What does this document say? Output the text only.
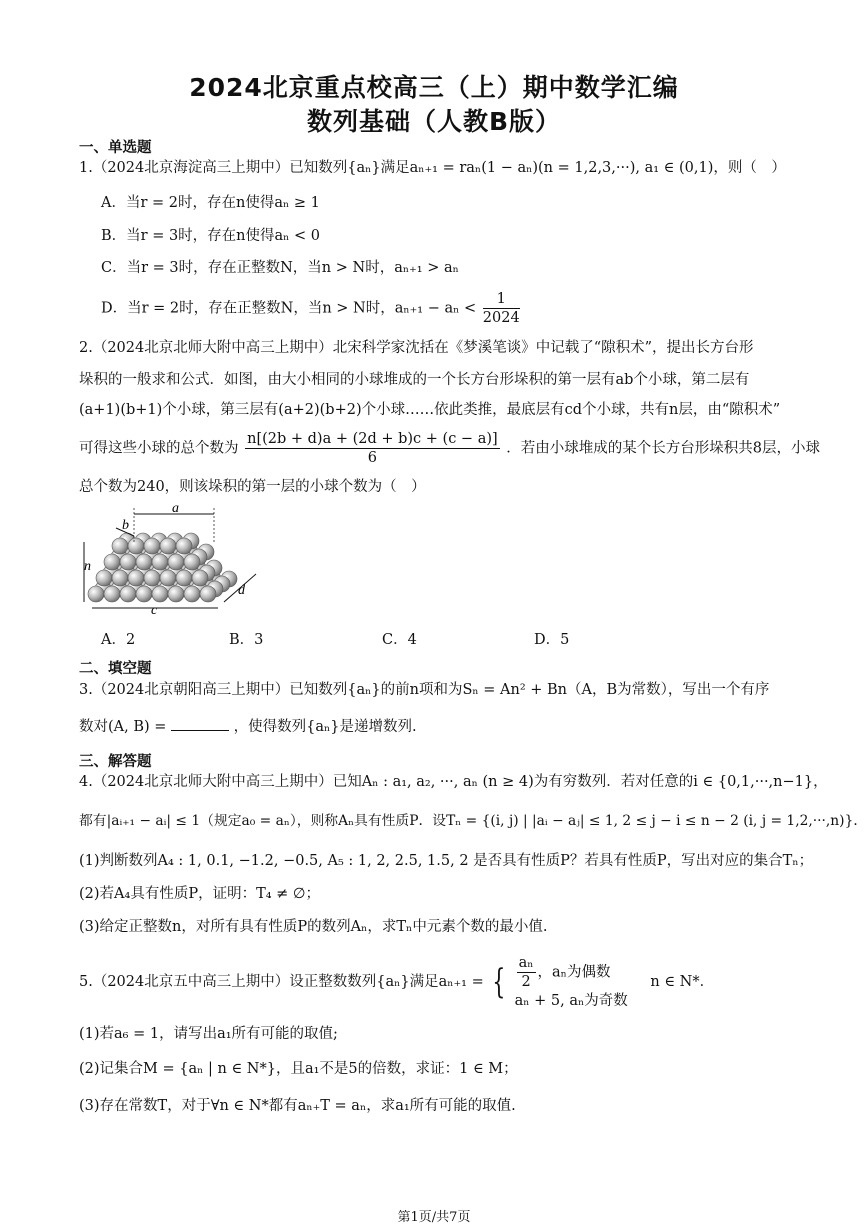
2024北京重点校高三（上）期中数学汇编
数列基础（人教B版）
一、单选题
1.（2024北京海淀高三上期中）已知数列{aₙ}满足aₙ₊₁ = raₙ(1 − aₙ)(n = 1,2,3,···), a₁ ∈ (0,1)，则（　）
A．当r = 2时，存在n使得aₙ ≥ 1
B．当r = 3时，存在n使得aₙ < 0
C．当r = 3时，存在正整数N，当n > N时，aₙ₊₁ > aₙ
D．当r = 2时，存在正整数N，当n > N时，$a_{n+1} - a_n < \frac{1}{2024}$
2.（2024北京北师大附中高三上期中）北宋科学家沈括在《梦溪笔谈》中记载了“隙积术”，提出长方台形
垛积的一般求和公式．如图，由大小相同的小球堆成的一个长方台形垛积的第一层有ab个小球，第二层有
(a+1)(b+1)个小球，第三层有(a+2)(b+2)个小球……依此类推，最底层有cd个小球，共有n层，由“隙积术”
可得这些小球的总个数为 $\frac{n[(2b + d)a + (2d + b)c + (c - a)]}{6}$ ．若由小球堆成的某个长方台形垛积共8层，小球
总个数为240，则该垛积的第一层的小球个数为（　）
a
b
n
c
d
A．2	B．3	C．4	D．5
二、填空题
3.（2024北京朝阳高三上期中）已知数列{aₙ}的前n项和为Sₙ = An² + Bn（A，B为常数），写出一个有序
数对(A, B) =	，使得数列{aₙ}是递增数列.
三、解答题
4.（2024北京北师大附中高三上期中）已知Aₙ : a₁, a₂, ···, aₙ (n ≥ 4)为有穷数列．若对任意的i ∈ {0,1,···,n−1}，
都有|aᵢ₊₁ − aᵢ| ≤ 1（规定a₀ = aₙ），则称Aₙ具有性质P．设Tₙ = {(i, j) | |aᵢ − aⱼ| ≤ 1, 2 ≤ j − i ≤ n − 2 (i, j = 1,2,···,n)}．
(1)判断数列A₄ : 1, 0.1, −1.2, −0.5, A₅ : 1, 2, 2.5, 1.5, 2 是否具有性质P？若具有性质P，写出对应的集合Tₙ；
(2)若A₄具有性质P，证明：T₄ ≠ ∅；
(3)给定正整数n，对所有具有性质P的数列Aₙ，求Tₙ中元素个数的最小值.
5.（2024北京五中高三上期中）设正整数数列{aₙ}满足aₙ₊₁ = { $\frac{\text{aₙ}}{2}$ ，aₙ为偶数
aₙ + 5, aₙ为奇数
n ∈ N*．
(1)若a₆ = 1，请写出a₁所有可能的取值;
(2)记集合M = {aₙ | n ∈ N*}，且a₁不是5的倍数，求证：1 ∈ M；
(3)存在常数T，对于∀n ∈ N*都有aₙ₊T = aₙ，求a₁所有可能的取值.
第1页/共7页
